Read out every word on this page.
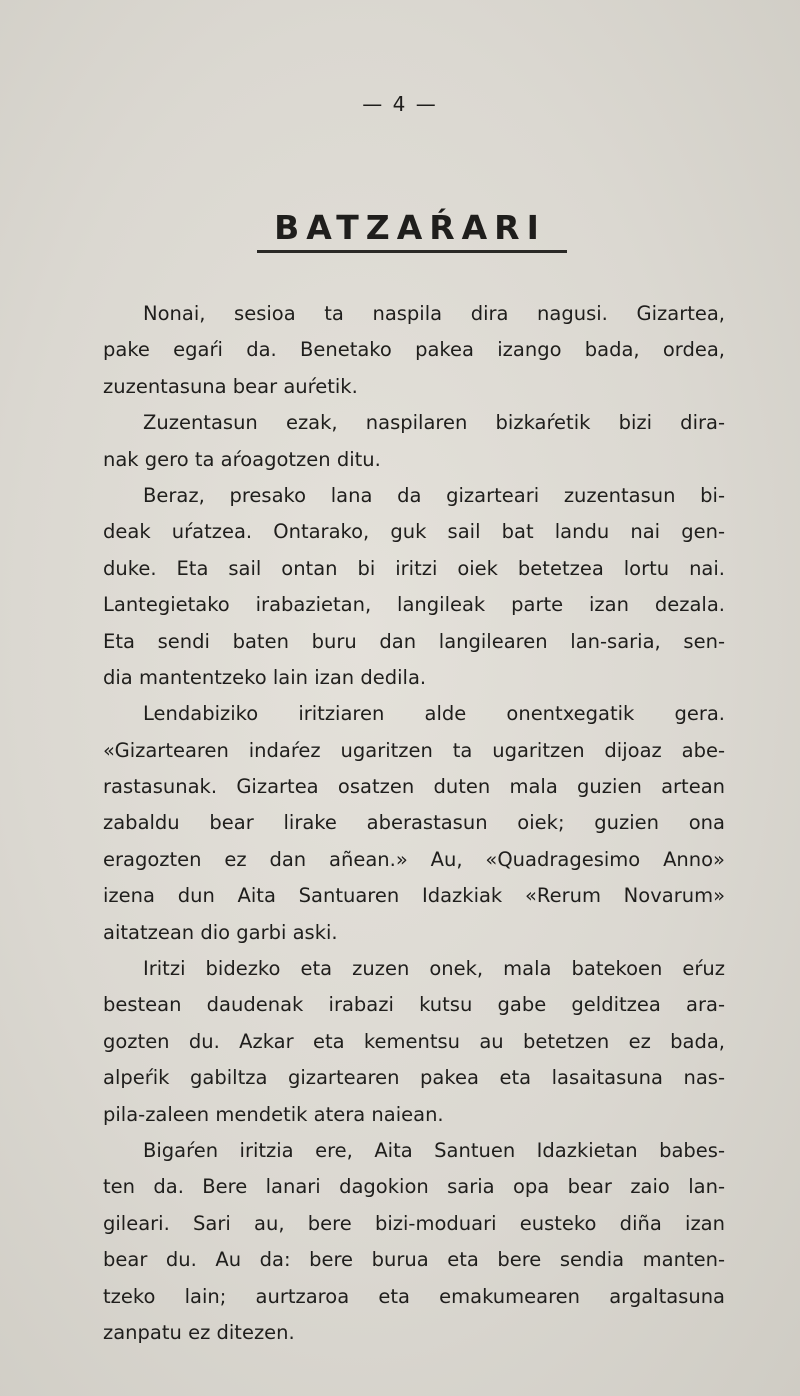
— 4 —
BATZAŔARI
Nonai, sesioa ta naspila dira nagusi. Gizartea,
pake egaŕi da. Benetako pakea izango bada, ordea,
zuzentasuna bear auŕetik.
Zuzentasun ezak, naspilaren bizkaŕetik bizi dira-
nak gero ta aŕoagotzen ditu.
Beraz, presako lana da gizarteari zuzentasun bi-
deak uŕatzea. Ontarako, guk sail bat landu nai gen-
duke. Eta sail ontan bi iritzi oiek betetzea lortu nai.
Lantegietako irabazietan, langileak parte izan dezala.
Eta sendi baten buru dan langilearen lan-saria, sen-
dia mantentzeko lain izan dedila.
Lendabiziko iritziaren alde onentxegatik gera.
«Gizartearen indaŕez ugaritzen ta ugaritzen dijoaz abe-
rastasunak. Gizartea osatzen duten mala guzien artean
zabaldu bear lirake aberastasun oiek; guzien ona
eragozten ez dan añean.» Au, «Quadragesimo Anno»
izena dun Aita Santuaren Idazkiak «Rerum Novarum»
aitatzean dio garbi aski.
Iritzi bidezko eta zuzen onek, mala batekoen eŕuz
bestean daudenak irabazi kutsu gabe gelditzea ara-
gozten du. Azkar eta kementsu au betetzen ez bada,
alpeŕik gabiltza gizartearen pakea eta lasaitasuna nas-
pila-zaleen mendetik atera naiean.
Bigaŕen iritzia ere, Aita Santuen Idazkietan babes-
ten da. Bere lanari dagokion saria opa bear zaio lan-
gileari. Sari au, bere bizi-moduari eusteko diña izan
bear du. Au da: bere burua eta bere sendia manten-
tzeko lain; aurtzaroa eta emakumearen argaltasuna
zanpatu ez ditezen.
